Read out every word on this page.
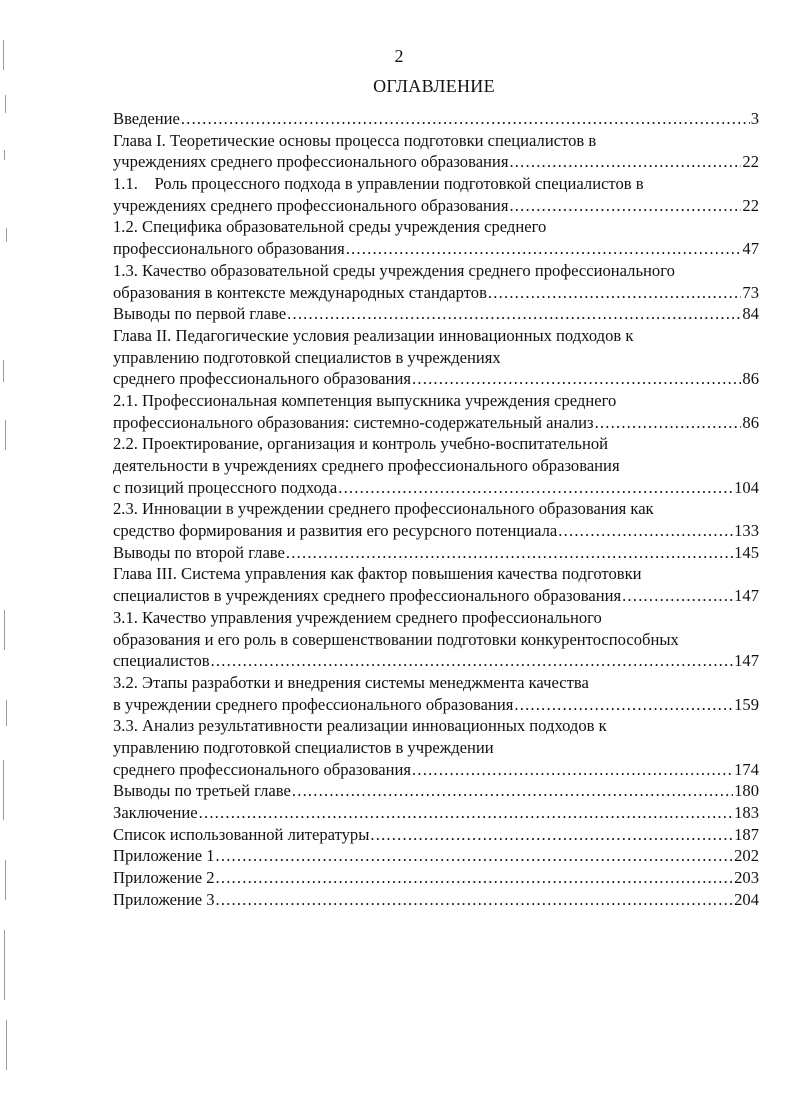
2
ОГЛАВЛЕНИЕ
Введение .....	3
Глава I. Теоретические основы процесса подготовки специалистов в
учреждениях среднего профессионального образования .....	22
1.1.    Роль процессного подхода в управлении подготовкой специалистов в
учреждениях среднего профессионального образования .....	22
1.2. Специфика образовательной среды учреждения среднего
профессионального образования .....	47
1.3. Качество образовательной среды учреждения среднего профессионального
образования в контексте международных стандартов .....	73
Выводы по первой главе .....	84
Глава II. Педагогические условия реализации инновационных подходов к
управлению подготовкой специалистов в учреждениях
среднего профессионального образования .....	86
2.1. Профессиональная компетенция выпускника учреждения среднего
профессионального образования: системно-содержательный анализ .....	86
2.2. Проектирование, организация и контроль учебно-воспитательной
деятельности в учреждениях среднего профессионального образования
с позиций процессного подхода .....	104
2.3. Инновации в учреждении среднего профессионального образования как
средство формирования и развития его ресурсного потенциала .....	133
Выводы по второй главе .....	145
Глава III. Система управления как фактор повышения качества подготовки
специалистов в учреждениях среднего профессионального образования .....	147
3.1. Качество управления учреждением среднего профессионального
образования и его роль в совершенствовании подготовки конкурентоспособных
специалистов .....	147
3.2. Этапы разработки и внедрения системы менеджмента качества
в учреждении среднего профессионального образования .....	159
3.3. Анализ результативности реализации инновационных подходов к
управлению подготовкой специалистов в учреждении
среднего профессионального образования .....	174
Выводы по третьей главе .....	180
Заключение .....	183
Список использованной литературы .....	187
Приложение 1 .....	202
Приложение 2 .....	203
Приложение 3 .....	204
